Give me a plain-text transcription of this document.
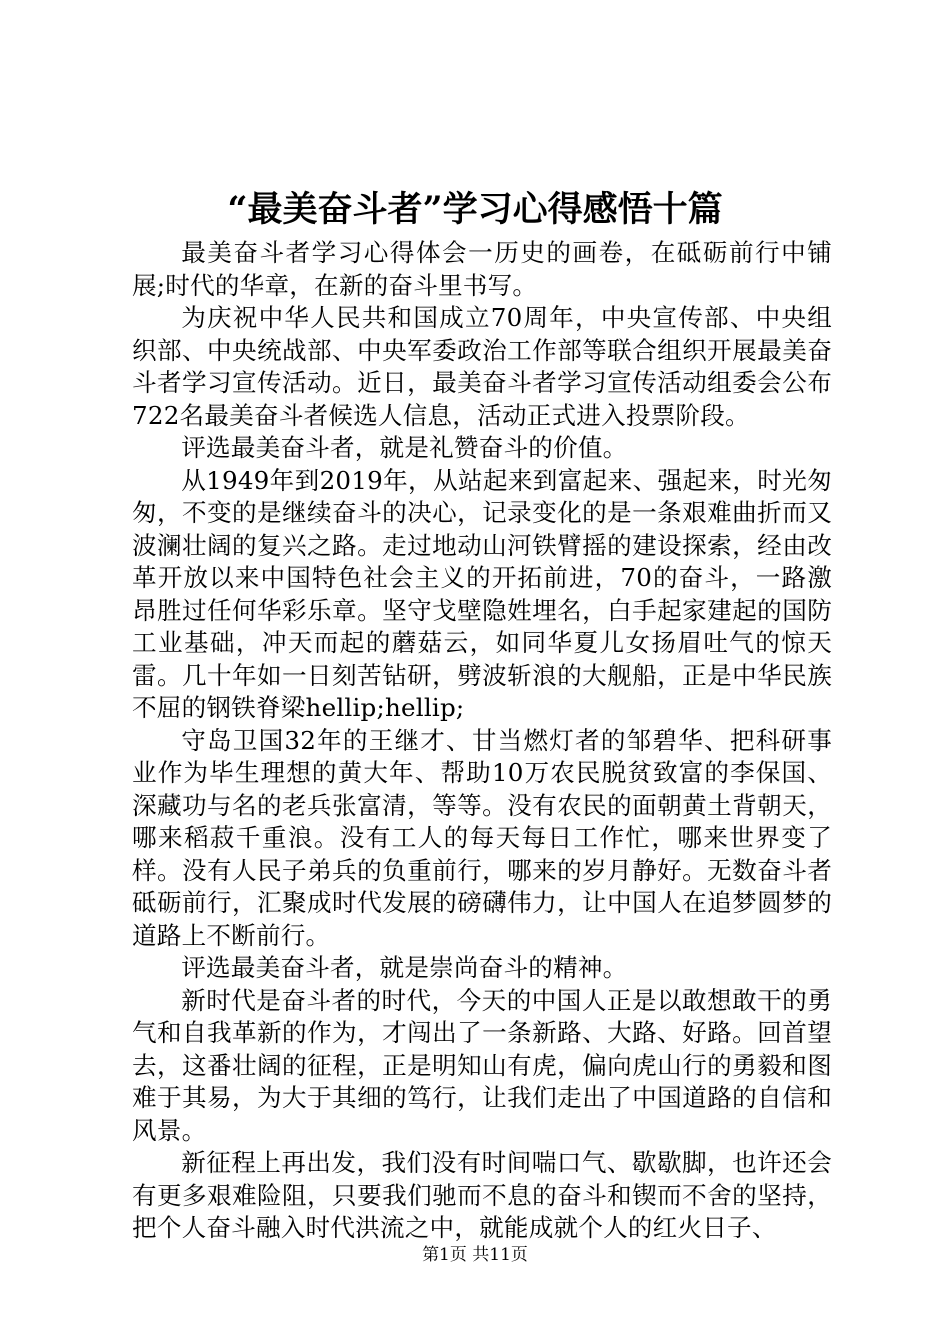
“最美奋斗者”学习心得感悟十篇

最美奋斗者学习心得体会一历史的画卷，在砥砺前行中铺展;时代的华章，在新的奋斗里书写。

为庆祝中华人民共和国成立70周年，中央宣传部、中央组织部、中央统战部、中央军委政治工作部等联合组织开展最美奋斗者学习宣传活动。近日，最美奋斗者学习宣传活动组委会公布722名最美奋斗者候选人信息，活动正式进入投票阶段。

评选最美奋斗者，就是礼赞奋斗的价值。

从1949年到2019年，从站起来到富起来、强起来，时光匆匆，不变的是继续奋斗的决心，记录变化的是一条艰难曲折而又波澜壮阔的复兴之路。走过地动山河铁臂摇的建设探索，经由改革开放以来中国特色社会主义的开拓前进，70的奋斗，一路激昂胜过任何华彩乐章。坚守戈壁隐姓埋名，白手起家建起的国防工业基础，冲天而起的蘑菇云，如同华夏儿女扬眉吐气的惊天雷。几十年如一日刻苦钻研，劈波斩浪的大舰船，正是中华民族不屈的钢铁脊梁hellip;hellip;

守岛卫国32年的王继才、甘当燃灯者的邹碧华、把科研事业作为毕生理想的黄大年、帮助10万农民脱贫致富的李保国、深藏功与名的老兵张富清，等等。没有农民的面朝黄土背朝天，哪来稻菽千重浪。没有工人的每天每日工作忙，哪来世界变了样。没有人民子弟兵的负重前行，哪来的岁月静好。无数奋斗者砥砺前行，汇聚成时代发展的磅礴伟力，让中国人在追梦圆梦的道路上不断前行。

评选最美奋斗者，就是崇尚奋斗的精神。

新时代是奋斗者的时代，今天的中国人正是以敢想敢干的勇气和自我革新的作为，才闯出了一条新路、大路、好路。回首望去，这番壮阔的征程，正是明知山有虎，偏向虎山行的勇毅和图难于其易，为大于其细的笃行，让我们走出了中国道路的自信和风景。

新征程上再出发，我们没有时间喘口气、歇歇脚，也许还会有更多艰难险阻，只要我们驰而不息的奋斗和锲而不舍的坚持，把个人奋斗融入时代洪流之中，就能成就个人的红火日子、

第1页 共11页
